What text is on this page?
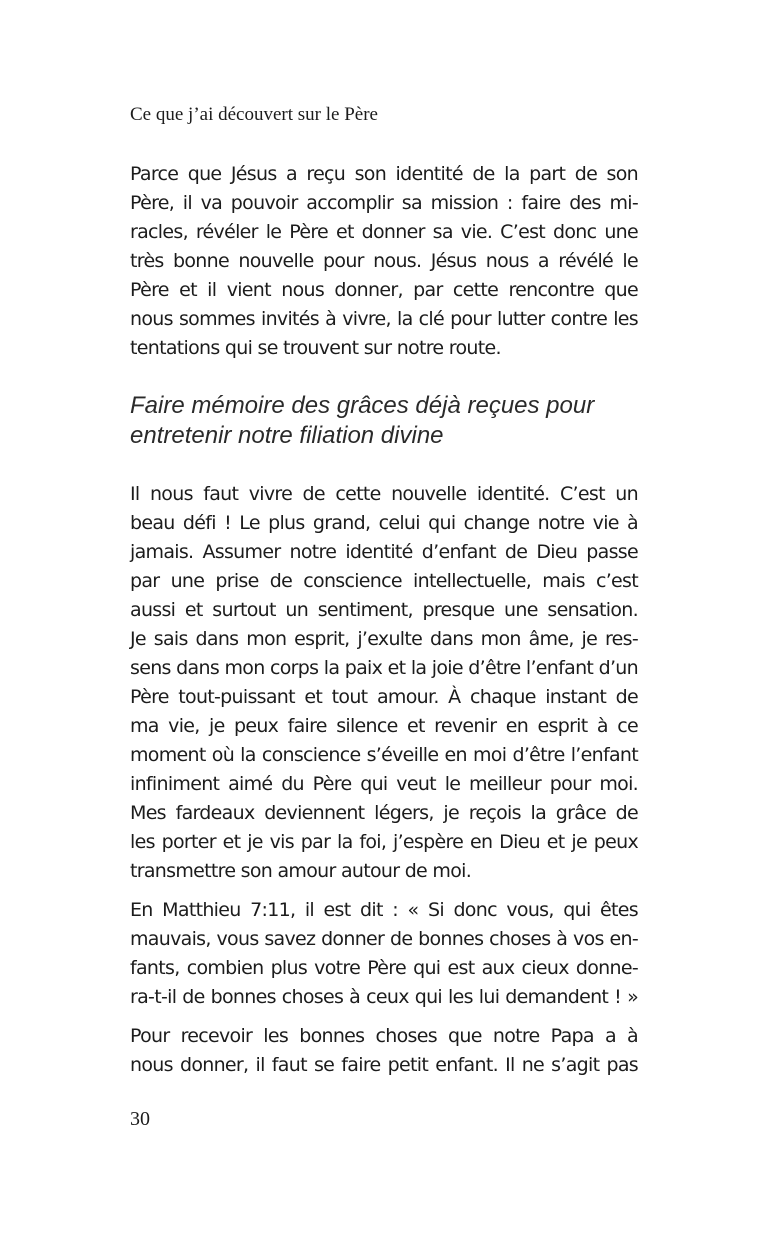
Ce que j’ai découvert sur le Père
Parce que Jésus a reçu son identité de la part de son
Père, il va pouvoir accomplir sa mission : faire des mi-
racles, révéler le Père et donner sa vie. C’est donc une
très bonne nouvelle pour nous. Jésus nous a révélé le
Père et il vient nous donner, par cette rencontre que
nous sommes invités à vivre, la clé pour lutter contre les
tentations qui se trouvent sur notre route.
Faire mémoire des grâces déjà reçues pour
entretenir notre filiation divine
Il nous faut vivre de cette nouvelle identité. C’est un
beau défi ! Le plus grand, celui qui change notre vie à
jamais. Assumer notre identité d’enfant de Dieu passe
par une prise de conscience intellectuelle, mais c’est
aussi et surtout un sentiment, presque une sensation.
Je sais dans mon esprit, j’exulte dans mon âme, je res-
sens dans mon corps la paix et la joie d’être l’enfant d’un
Père tout-puissant et tout amour. À chaque instant de
ma vie, je peux faire silence et revenir en esprit à ce
moment où la conscience s’éveille en moi d’être l’enfant
infiniment aimé du Père qui veut le meilleur pour moi.
Mes fardeaux deviennent légers, je reçois la grâce de
les porter et je vis par la foi, j’espère en Dieu et je peux
transmettre son amour autour de moi.
En Matthieu 7:11, il est dit : « Si donc vous, qui êtes
mauvais, vous savez donner de bonnes choses à vos en-
fants, combien plus votre Père qui est aux cieux donne-
ra-t-il de bonnes choses à ceux qui les lui demandent ! »
Pour recevoir les bonnes choses que notre Papa a à
nous donner, il faut se faire petit enfant. Il ne s’agit pas
30
